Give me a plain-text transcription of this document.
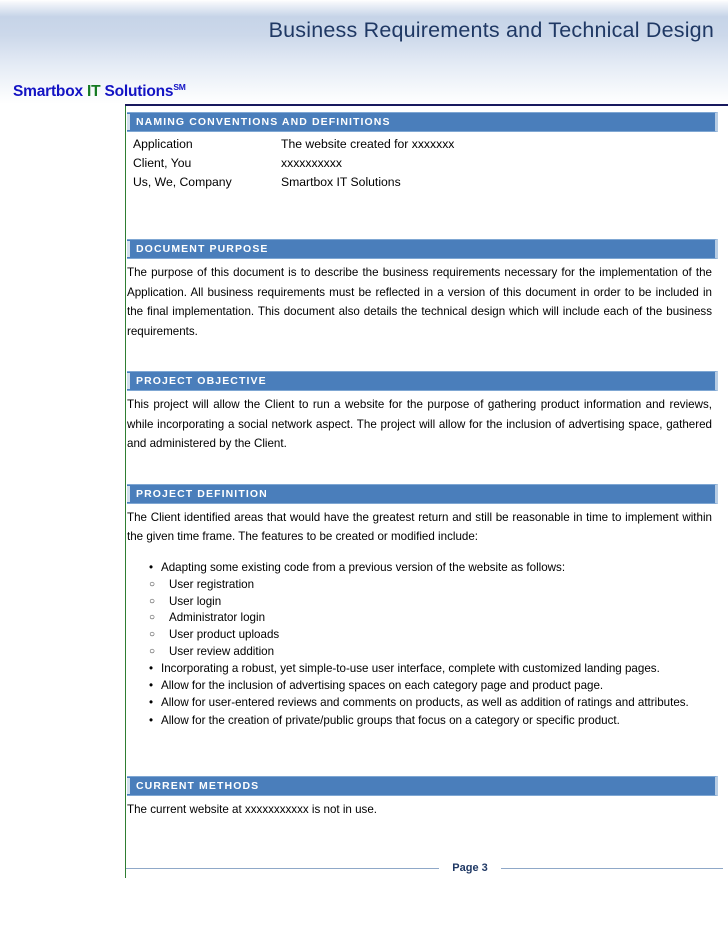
Business Requirements and Technical Design
Smartbox IT Solutions℠
NAMING CONVENTIONS AND DEFINITIONS
Application	The website created for xxxxxxx
Client, You	xxxxxxxxxx
Us, We, Company	Smartbox IT Solutions
DOCUMENT PURPOSE

The purpose of this document is to describe the business requirements necessary for the implementation of the Application. All business requirements must be reflected in a version of this document in order to be included in the final implementation. This document also details the technical design which will include each of the business requirements.

PROJECT OBJECTIVE

This project will allow the Client to run a website for the purpose of gathering product information and reviews, while incorporating a social network aspect. The project will allow for the inclusion of advertising space, gathered and administered by the Client.

PROJECT DEFINITION

The Client identified areas that would have the greatest return and still be reasonable in time to implement within the given time frame. The features to be created or modified include:

• Adapting some existing code from a previous version of the website as follows:
○ User registration
○ User login
○ Administrator login
○ User product uploads
○ User review addition
• Incorporating a robust, yet simple-to-use user interface, complete with customized landing pages.
• Allow for the inclusion of advertising spaces on each category page and product page.
• Allow for user-entered reviews and comments on products, as well as addition of ratings and attributes.
• Allow for the creation of private/public groups that focus on a category or specific product.
CURRENT METHODS

The current website at xxxxxxxxxxx is not in use.

Page 3
